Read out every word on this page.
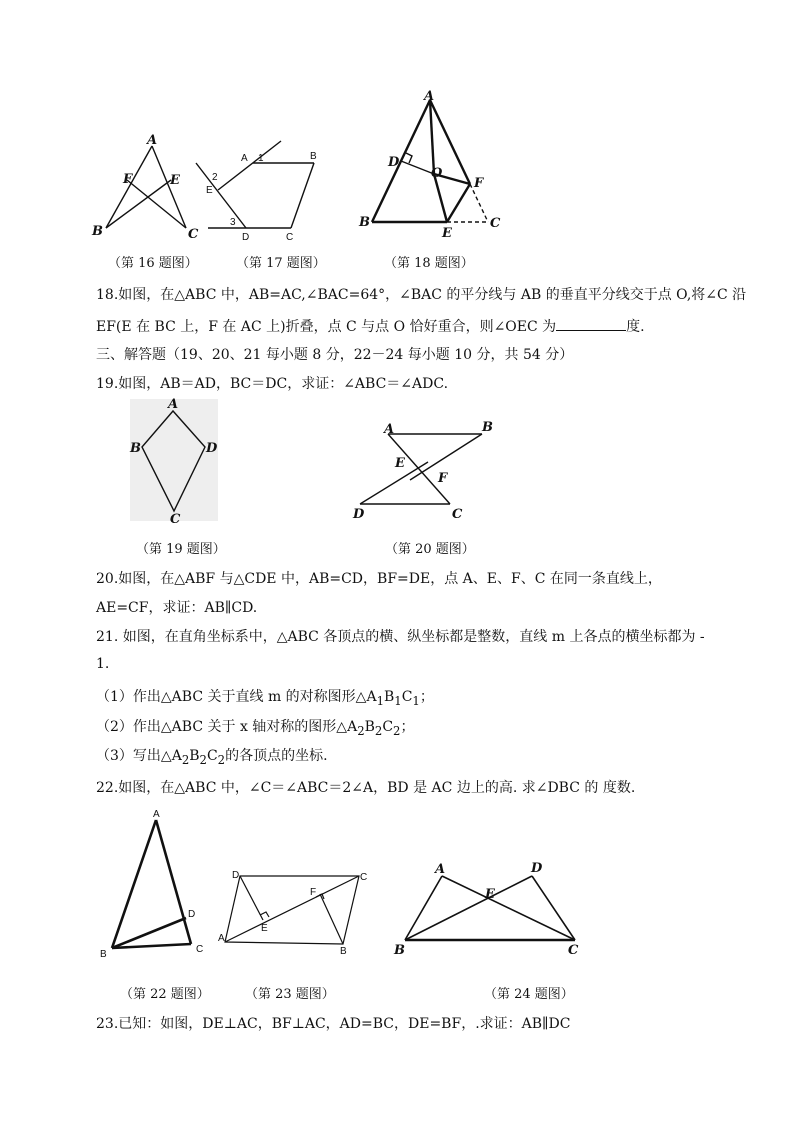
A
B	C
F	E
（第 16 题图）
A 1	B
2
E
3
D	C
（第 17 题图）
A
D
O
F
B
E
C
（第 18 题图）
18.如图，在△ABC 中，AB=AC,∠BAC=64°，∠BAC 的平分线与 AB 的垂直平分线交于点 O,将∠C 沿
EF(E 在 BC 上，F 在 AC 上)折叠，点 C 与点 O 恰好重合，则∠OEC 为	度.
三、解答题（19、20、21 每小题 8 分，22－24 每小题 10 分，共 54 分）
19.如图，AB＝AD，BC＝DC，求证：∠ABC＝∠ADC.
A
B	D
C
（第 19 题图）
A	B
E
F
D	C
（第 20 题图）
20.如图，在△ABF 与△CDE 中，AB=CD，BF=DE，点 A、E、F、C 在同一条直线上，
AE=CF，求证：AB∥CD.
21. 如图，在直角坐标系中，△ABC 各顶点的横、纵坐标都是整数，直线 m 上各点的横坐标都为 -
1.
（1）作出△ABC 关于直线 m 的对称图形$\triangle A_1B_1C_1$；
（2）作出△ABC 关于 x 轴对称的图形$\triangle A_2B_2C_2$；
（3）写出$\triangle A_2B_2C_2$的各顶点的坐标.
22.如图，在△ABC 中，∠C＝∠ABC＝2∠A，BD 是 AC 边上的高. 求∠DBC 的 度数.
A
D
B	C
（第 22 题图）
D	C
F
E
A
B
（第 23 题图）
A	D
E
B	C
（第 24 题图）
23.已知：如图，DE⊥AC，BF⊥AC，AD=BC，DE=BF，.求证：AB∥DC
